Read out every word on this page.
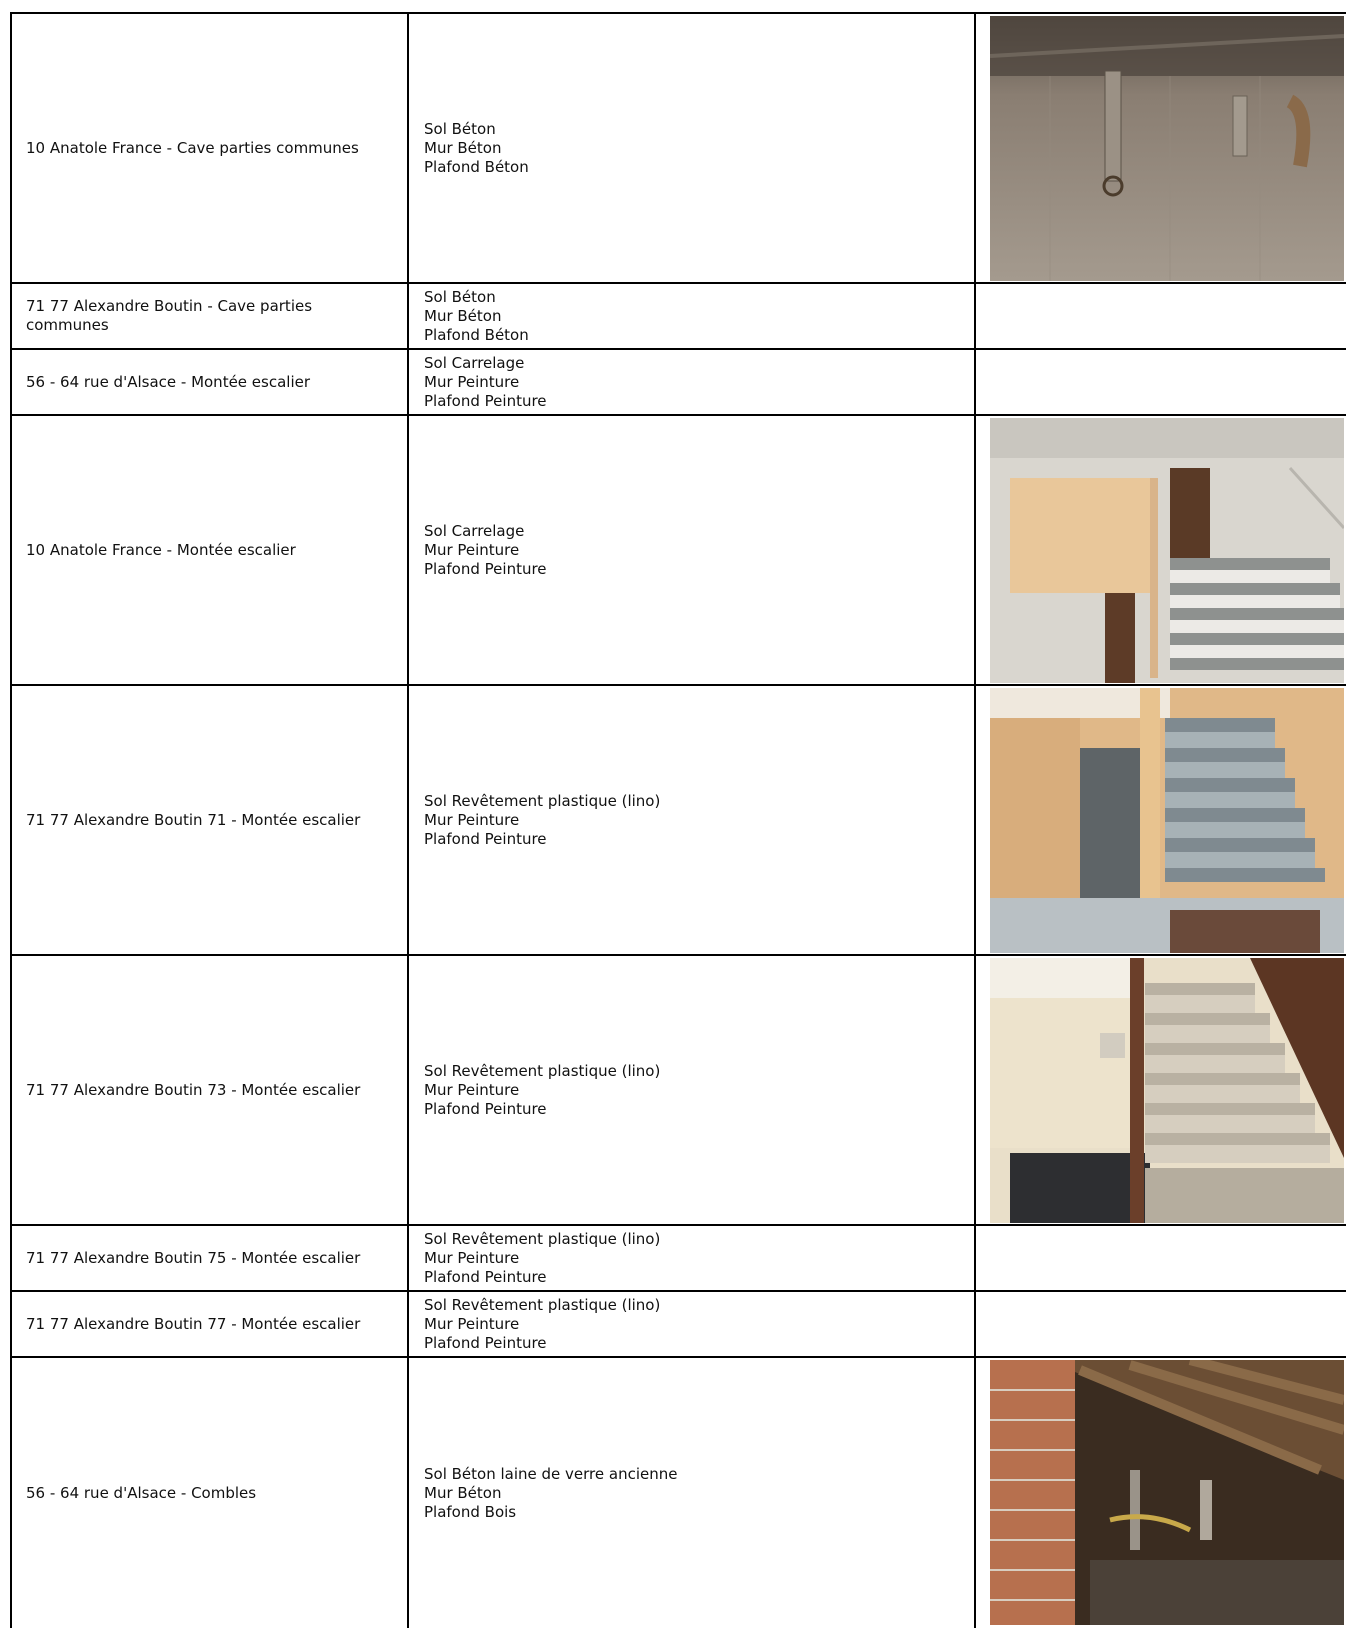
10 Anatole France - Cave parties communes
Sol Béton
Mur Béton
Plafond Béton
71 77 Alexandre Boutin - Cave parties communes
Sol Béton
Mur Béton
Plafond Béton
56 - 64 rue d'Alsace - Montée escalier
Sol Carrelage
Mur Peinture
Plafond Peinture
10 Anatole France - Montée escalier
Sol Carrelage
Mur Peinture
Plafond Peinture
71 77 Alexandre Boutin 71 - Montée escalier
Sol Revêtement plastique (lino)
Mur Peinture
Plafond Peinture
71 77 Alexandre Boutin 73 - Montée escalier
Sol Revêtement plastique (lino)
Mur Peinture
Plafond Peinture
71 77 Alexandre Boutin 75 - Montée escalier
Sol Revêtement plastique (lino)
Mur Peinture
Plafond Peinture
71 77 Alexandre Boutin 77 - Montée escalier
Sol Revêtement plastique (lino)
Mur Peinture
Plafond Peinture
56 - 64 rue d'Alsace - Combles
Sol Béton laine de verre ancienne
Mur Béton
Plafond Bois
